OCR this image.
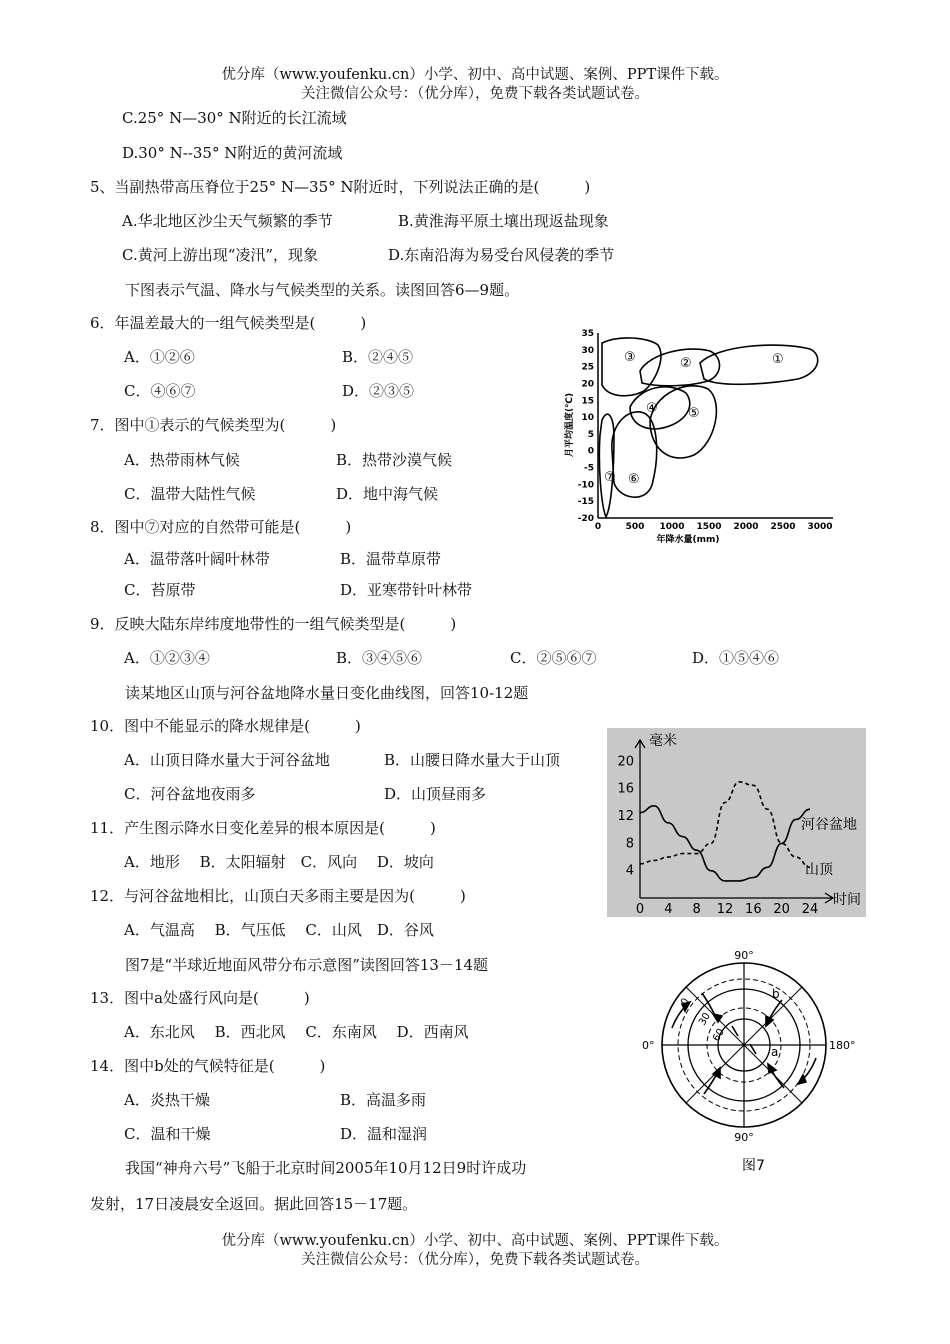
优分库（www.youfenku.cn）小学、初中、高中试题、案例、PPT课件下载。
关注微信公众号：（优分库），免费下载各类试题试卷。
C.25° N—30° N附近的长江流域
D.30° N--35° N附近的黄河流域
5、当副热带高压脊位于25° N—35° N附近时，下列说法正确的是(　　　)
A.华北地区沙尘天气频繁的季节	B.黄淮海平原土壤出现返盐现象
C.黄河上游出现“凌汛”，现象	D.东南沿海为易受台风侵袭的季节
下图表示气温、降水与气候类型的关系。读图回答6—9题。
6．年温差最大的一组气候类型是(　　　)
A．①②⑥	B．②④⑤
C．④⑥⑦	D．②③⑤
7．图中①表示的气候类型为(　　　)
A．热带雨林气候	B．热带沙漠气候
C．温带大陆性气候	D．地中海气候
8．图中⑦对应的自然带可能是(　　　)
A．温带落叶阔叶林带	B．温带草原带
C．苔原带	D．亚寒带针叶林带
9．反映大陆东岸纬度地带性的一组气候类型是(　　　)
A．①②③④	B．③④⑤⑥	C．②⑤⑥⑦	D．①⑤④⑥
读某地区山顶与河谷盆地降水量日变化曲线图，回答10-12题
10．图中不能显示的降水规律是(　　　)
A．山顶日降水量大于河谷盆地	B．山腰日降水量大于山顶
C．河谷盆地夜雨多	D．山顶昼雨多
11．产生图示降水日变化差异的根本原因是(　　　)
A．地形　 B．太阳辐射　C．风向　 D．坡向
12．与河谷盆地相比，山顶白天多雨主要是因为(　　　)
A．气温高　 B．气压低　 C．山风　D．谷风
图7是“半球近地面风带分布示意图”读图回答13－14题
13．图中a处盛行风向是(　　　)
A．东北风　 B．西北风　 C．东南风　 D．西南风
14．图中b处的气候特征是(　　　)
A．炎热干燥	B．高温多雨
C．温和干燥	D．温和湿润
我国“神舟六号”飞船于北京时间2005年10月12日9时许成功
发射，17日凌晨安全返回。据此回答15－17题。
优分库（www.youfenku.cn）小学、初中、高中试题、案例、PPT课件下载。
关注微信公众号：（优分库），免费下载各类试题试卷。
35
30
25
20
15
10
5
0
-5
-10
-15
-20
0	500 1000 1500 2000 2500 3000
月平均温度(℃)
年降水量(mm)
①
②
③
④ ⑤
⑥
⑦
毫米
时间
4
8
12
16
20
0 4 8 12 16 20 24
河谷盆地
山顶
90°
0°	180°
90°
30
60
a
b
0
图7
